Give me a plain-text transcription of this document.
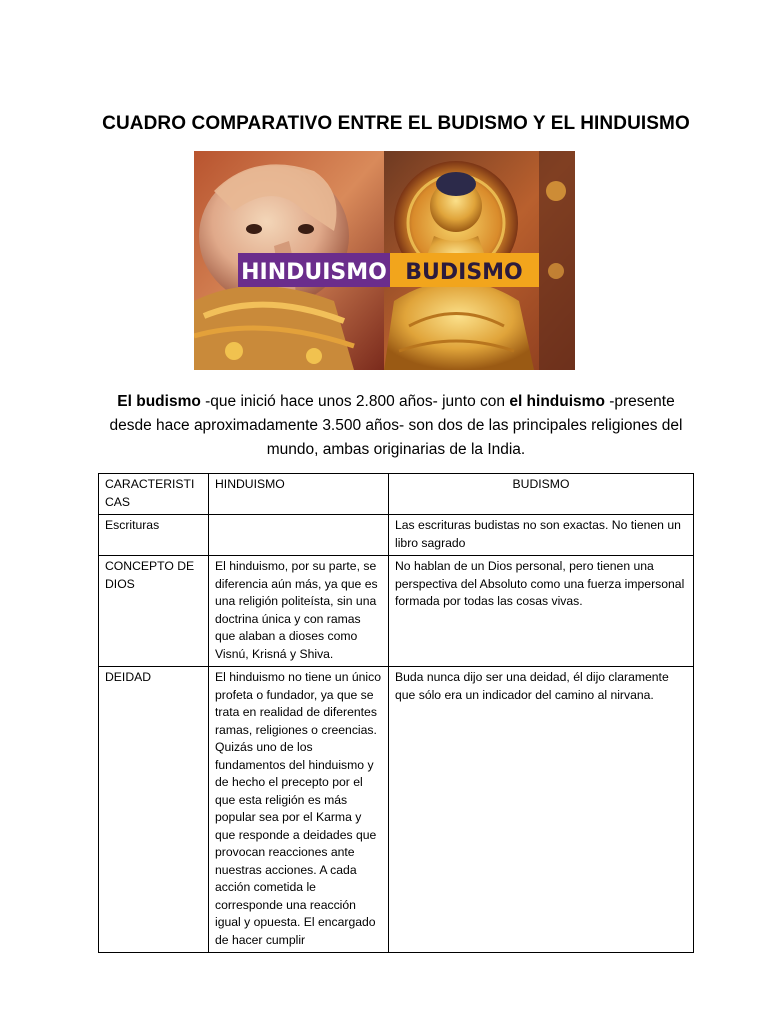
CUADRO COMPARATIVO ENTRE EL BUDISMO Y EL HINDUISMO
HINDUISMO BUDISMO
El budismo -que inició hace unos 2.800 años- junto con el hinduismo -presente desde hace aproximadamente 3.500 años- son dos de las principales religiones del mundo, ambas originarias de la India.
CARACTERISTICAS	HINDUISMO	BUDISMO
Escrituras		Las escrituras budistas no son exactas. No tienen un libro sagrado
CONCEPTO DE DIOS	El hinduismo, por su parte, se diferencia aún más, ya que es una religión politeísta, sin una doctrina única y con ramas que alaban a dioses como Visnú, Krisná y Shiva.	No hablan de un Dios personal, pero tienen una perspectiva del Absoluto como una fuerza impersonal formada por todas las cosas vivas.
DEIDAD	El hinduismo no tiene un único profeta o fundador, ya que se trata en realidad de diferentes ramas, religiones o creencias. Quizás uno de los fundamentos del hinduismo y de hecho el precepto por el que esta religión es más popular sea por el Karma y que responde a deidades que provocan reacciones ante nuestras acciones. A cada acción cometida le corresponde una reacción igual y opuesta. El encargado de hacer cumplir	Buda nunca dijo ser una deidad, él dijo claramente que sólo era un indicador del camino al nirvana.
